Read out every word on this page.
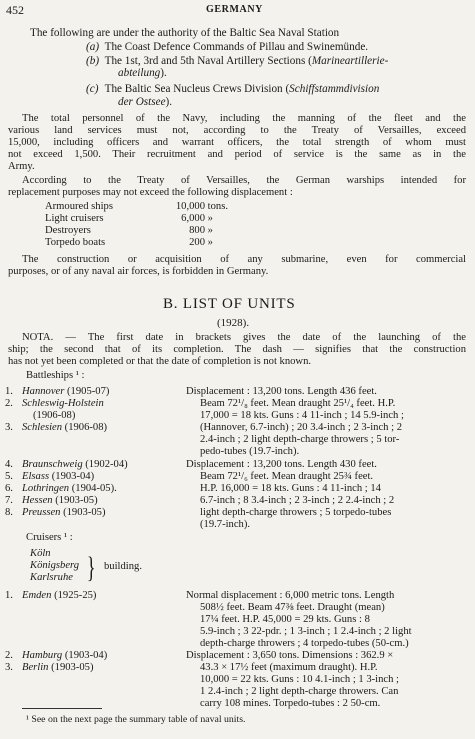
452	GERMANY
The following are under the authority of the Baltic Sea Naval Station
(a) The Coast Defence Commands of Pillau and Swinemünde.
(b) The 1st, 3rd and 5th Naval Artillery Sections (Marineartillerie-
abteilung).
(c) The Baltic Sea Nucleus Crews Division (Schiffstammdivision
der Ostsee).
The total personnel of the Navy, including the manning of the fleet and the
various land services must not, according to the Treaty of Versailles, exceed
15,000, including officers and warrant officers, the total strength of whom must
not exceed 1,500. Their recruitment and period of service is the same as in the
Army.
According to the Treaty of Versailles, the German warships intended for
replacement purposes may not exceed the following displacement :
Armoured ships	10,000 tons.
Light cruisers	6,000 »
Destroyers	800 »
Torpedo boats	200 »
The construction or acquisition of any submarine, even for commercial
purposes, or of any naval air forces, is forbidden in Germany.
B. LIST OF UNITS
(1928).
NOTA. — The first date in brackets gives the date of the launching of the
ship; the second that of its completion. The dash — signifies that the construction
has not yet been completed or that the date of completion is not known.
Battleships ¹ :
1. Hannover (1905-07)
2. Schleswig-Holstein
(1906-08)
3. Schlesien (1906-08)
Displacement : 13,200 tons. Length 436 feet.
Beam 72¹/₈ feet. Mean draught 25¹/₄ feet. H.P.
17,000 = 18 kts. Guns : 4 11-inch ; 14 5.9-inch ;
(Hannover, 6.7-inch) ; 20 3.4-inch ; 2 3-inch ; 2
2.4-inch ; 2 light depth-charge throwers ; 5 tor-
pedo-tubes (19.7-inch).
4. Braunschweig (1902-04)
5. Elsass (1903-04)
6. Lothringen (1904-05).
7. Hessen (1903-05)
8. Preussen (1903-05)
Displacement : 13,200 tons. Length 430 feet.
Beam 72¹/₆ feet. Mean draught 25¾ feet.
H.P. 16,000 = 18 kts. Guns : 4 11-inch ; 14
6.7-inch ; 8 3.4-inch ; 2 3-inch ; 2 2.4-inch ; 2
light depth-charge throwers ; 5 torpedo-tubes
(19.7-inch).
Cruisers ¹ :
Köln
Königsberg
Karlsruhe } building.
1. Emden (1925-25)	Normal displacement : 6,000 metric tons. Length
508½ feet. Beam 47⅜ feet. Draught (mean)
17¼ feet. H.P. 45,000 = 29 kts. Guns : 8
5.9-inch ; 3 22-pdr. ; 1 3-inch ; 1 2.4-inch ; 2 light
depth-charge throwers ; 4 torpedo-tubes (50-cm.)
2. Hamburg (1903-04)
3. Berlin (1903-05)
Displacement : 3,650 tons. Dimensions : 362.9 ×
43.3 × 17½ feet (maximum draught). H.P.
10,000 = 22 kts. Guns : 10 4.1-inch ; 1 3-inch ;
1 2.4-inch ; 2 light depth-charge throwers. Can
carry 108 mines. Torpedo-tubes : 2 50-cm.
¹ See on the next page the summary table of naval units.
